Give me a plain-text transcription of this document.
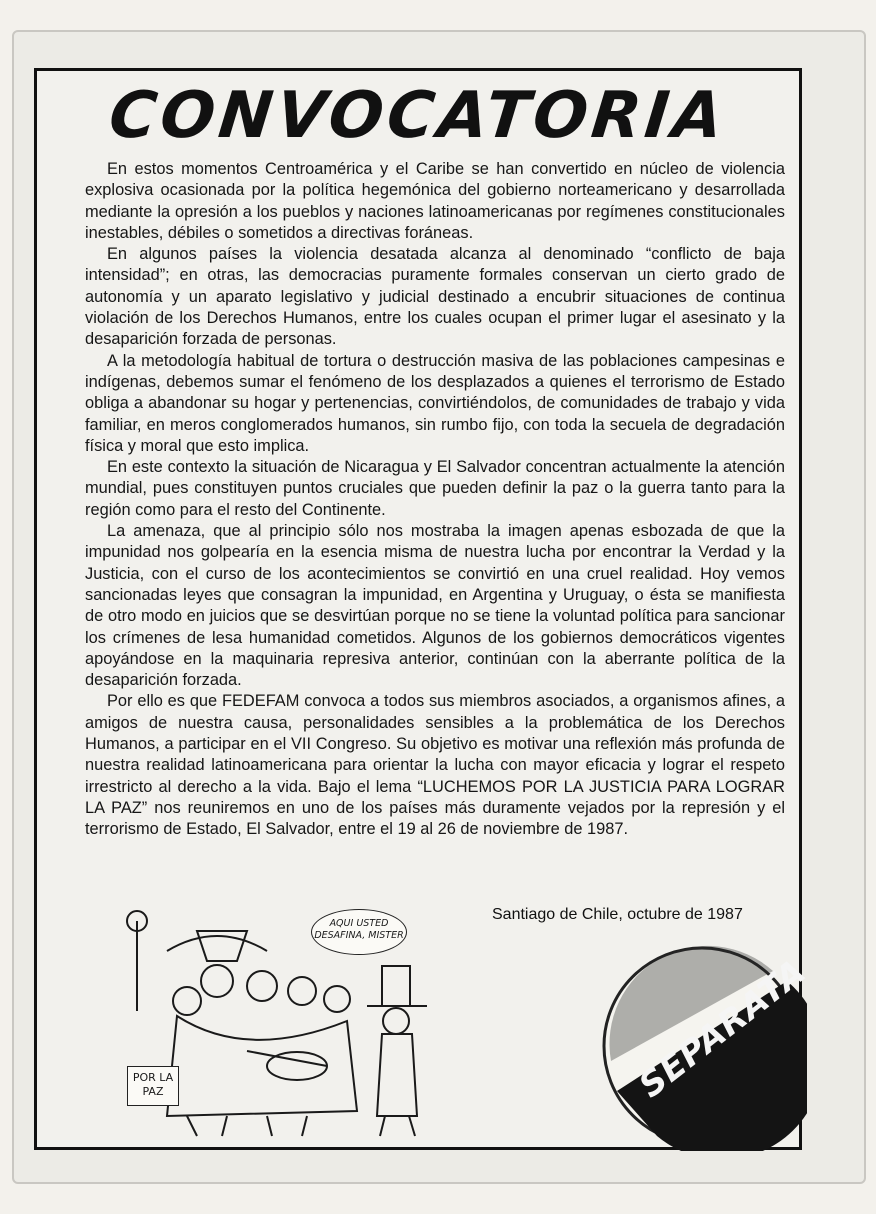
CONVOCATORIA

En estos momentos Centroamérica y el Caribe se han convertido en núcleo de violencia explosiva ocasionada por la política hegemónica del gobierno norteamericano y desarrollada mediante la opresión a los pueblos y naciones latinoamericanas por regímenes constitucionales inestables, débiles o sometidos a directivas foráneas.

En algunos países la violencia desatada alcanza al denominado “conflicto de baja intensidad”; en otras, las democracias puramente formales conservan un cierto grado de autonomía y un aparato legislativo y judicial destinado a encubrir situaciones de continua violación de los Derechos Humanos, entre los cuales ocupan el primer lugar el asesinato y la desaparición forzada de personas.

A la metodología habitual de tortura o destrucción masiva de las poblaciones campesinas e indígenas, debemos sumar el fenómeno de los desplazados a quienes el terrorismo de Estado obliga a abandonar su hogar y pertenencias, convirtiéndolos, de comunidades de trabajo y vida familiar, en meros conglomerados humanos, sin rumbo fijo, con toda la secuela de degradación física y moral que esto implica.

En este contexto la situación de Nicaragua y El Salvador concentran actualmente la atención mundial, pues constituyen puntos cruciales que pueden definir la paz o la guerra tanto para la región como para el resto del Continente.

La amenaza, que al principio sólo nos mostraba la imagen apenas esbozada de que la impunidad nos golpearía en la esencia misma de nuestra lucha por encontrar la Verdad y la Justicia, con el curso de los acontecimientos se convirtió en una cruel realidad. Hoy vemos sancionadas leyes que consagran la impunidad, en Argentina y Uruguay, o ésta se manifiesta de otro modo en juicios que se desvirtúan porque no se tiene la voluntad política para sancionar los crímenes de lesa humanidad cometidos. Algunos de los gobiernos democráticos vigentes apoyándose en la maquinaria represiva anterior, continúan con la aberrante política de la desaparición forzada.

Por ello es que FEDEFAM convoca a todos sus miembros asociados, a organismos afines, a amigos de nuestra causa, personalidades sensibles a la problemática de los Derechos Humanos, a participar en el VII Congreso. Su objetivo es motivar una reflexión más profunda de nuestra realidad latinoamericana para orientar la lucha con mayor eficacia y lograr el respeto irrestricto al derecho a la vida. Bajo el lema “LUCHEMOS POR LA JUSTICIA PARA LOGRAR LA PAZ” nos reuniremos en uno de los países más duramente vejados por la represión y el terrorismo de Estado, El Salvador, entre el 19 al 26 de noviembre de 1987.

Santiago de Chile, octubre de 1987
AQUI USTED DESAFINA, MISTER
POR LA PAZ	SEPARATA
